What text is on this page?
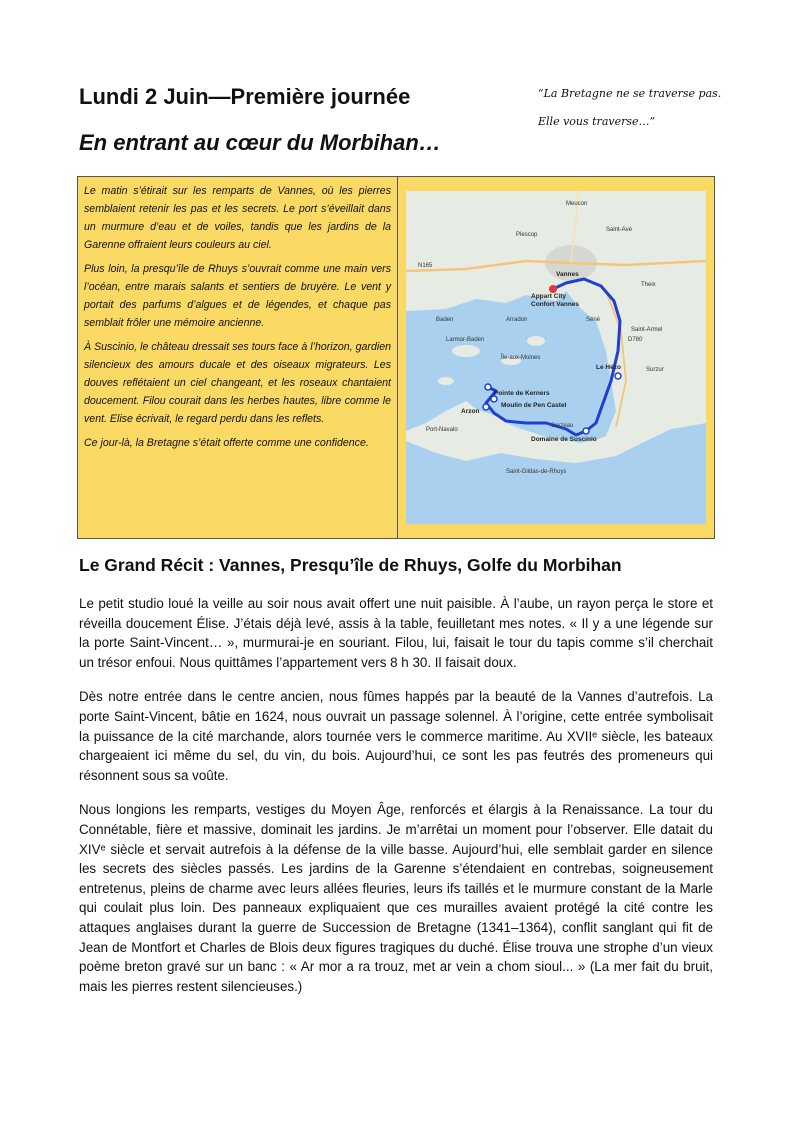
Lundi 2 Juin—Première journée
En entrant au cœur du Morbihan…
“La Bretagne ne se traverse pas.
Elle vous traverse…”

Le matin s’étirait sur les remparts de Vannes, où les pierres semblaient retenir les pas et les secrets. Le port s’éveillait dans un murmure d’eau et de voiles, tandis que les jardins de la Garenne offraient leurs couleurs au ciel.

Plus loin, la presqu’île de Rhuys s’ouvrait comme une main vers l’océan, entre marais salants et sentiers de bruyère. Le vent y portait des parfums d’algues et de légendes, et chaque pas semblait frôler une mémoire ancienne.

À Suscinio, le château dressait ses tours face à l’horizon, gardien silencieux des amours ducale et des oiseaux migrateurs. Les douves reflétaient un ciel changeant, et les roseaux chantaient doucement. Filou courait dans les herbes hautes, libre comme le vent. Elise écrivait, le regard perdu dans les reflets.

Ce jour-là, la Bretagne s’était offerte comme une confidence.

Vannes
Appart City
Confort Vannes
Le Hézo
Pointe de Kerners
Moulin de Pen Castel
Arzon
Domaine de Suscinio
Meucon
Saint-Avé
Theix
Séné
Baden
Sarzeau
Saint-Gildas-de-Rhuys
Île-aux-Moines
Larmor-Baden
Arradon
Plescop
Saint-Armel
Surzur
Port-Navalo
N165
D780
Le Grand Récit : Vannes, Presqu’île de Rhuys, Golfe du Morbihan

Le petit studio loué la veille au soir nous avait offert une nuit paisible. À l’aube, un rayon perça le store et réveilla doucement Élise. J’étais déjà levé, assis à la table, feuilletant mes notes. « Il y a une légende sur la porte Saint-Vincent… », murmurai-je en souriant. Filou, lui, faisait le tour du tapis comme s’il cherchait un trésor enfoui. Nous quittâmes l’appartement vers 8 h 30. Il faisait doux.

Dès notre entrée dans le centre ancien, nous fûmes happés par la beauté de la Vannes d’autrefois. La porte Saint-Vincent, bâtie en 1624, nous ouvrait un passage solennel. À l’origine, cette entrée symbolisait la puissance de la cité marchande, alors tournée vers le commerce maritime. Au XVIIᵉ siècle, les bateaux chargeaient ici même du sel, du vin, du bois. Aujourd’hui, ce sont les pas feutrés des promeneurs qui résonnent sous sa voûte.

Nous longions les remparts, vestiges du Moyen Âge, renforcés et élargis à la Renaissance. La tour du Connétable, fière et massive, dominait les jardins. Je m’arrêtai un moment pour l’observer. Elle datait du XIVᵉ siècle et servait autrefois à la défense de la ville basse. Aujourd’hui, elle semblait garder en silence les secrets des siècles passés. Les jardins de la Garenne s’étendaient en contrebas, soigneusement entretenus, pleins de charme avec leurs allées fleuries, leurs ifs taillés et le murmure constant de la Marle qui coulait plus loin. Des panneaux expliquaient que ces murailles avaient protégé la cité contre les attaques anglaises durant la guerre de Succession de Bretagne (1341–1364), conflit sanglant qui fit de Jean de Montfort et Charles de Blois deux figures tragiques du duché. Élise trouva une strophe d’un vieux poème breton gravé sur un banc : « Ar mor a ra trouz, met ar vein a chom sioul... » (La mer fait du bruit, mais les pierres restent silencieuses.)
